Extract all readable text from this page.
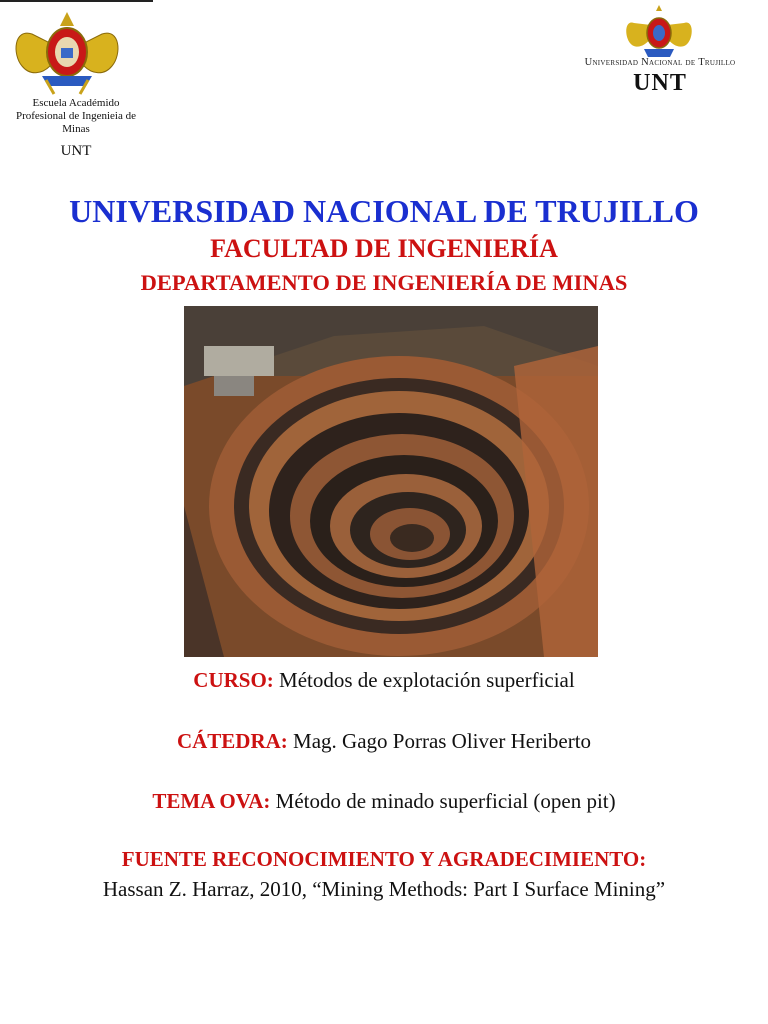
Escuela Académido
Profesional de Ingenieia de
Minas
UNT
Universidad Nacional de Trujillo
UNT
UNIVERSIDAD NACIONAL DE TRUJILLO
FACULTAD DE INGENIERÍA
DEPARTAMENTO DE INGENIERÍA DE MINAS
CURSO: Métodos de explotación superficial
CÁTEDRA: Mag. Gago Porras Oliver Heriberto
TEMA OVA: Método de minado superficial (open pit)
FUENTE RECONOCIMIENTO Y AGRADECIMIENTO:
Hassan Z. Harraz, 2010, “Mining Methods: Part I Surface Mining”
